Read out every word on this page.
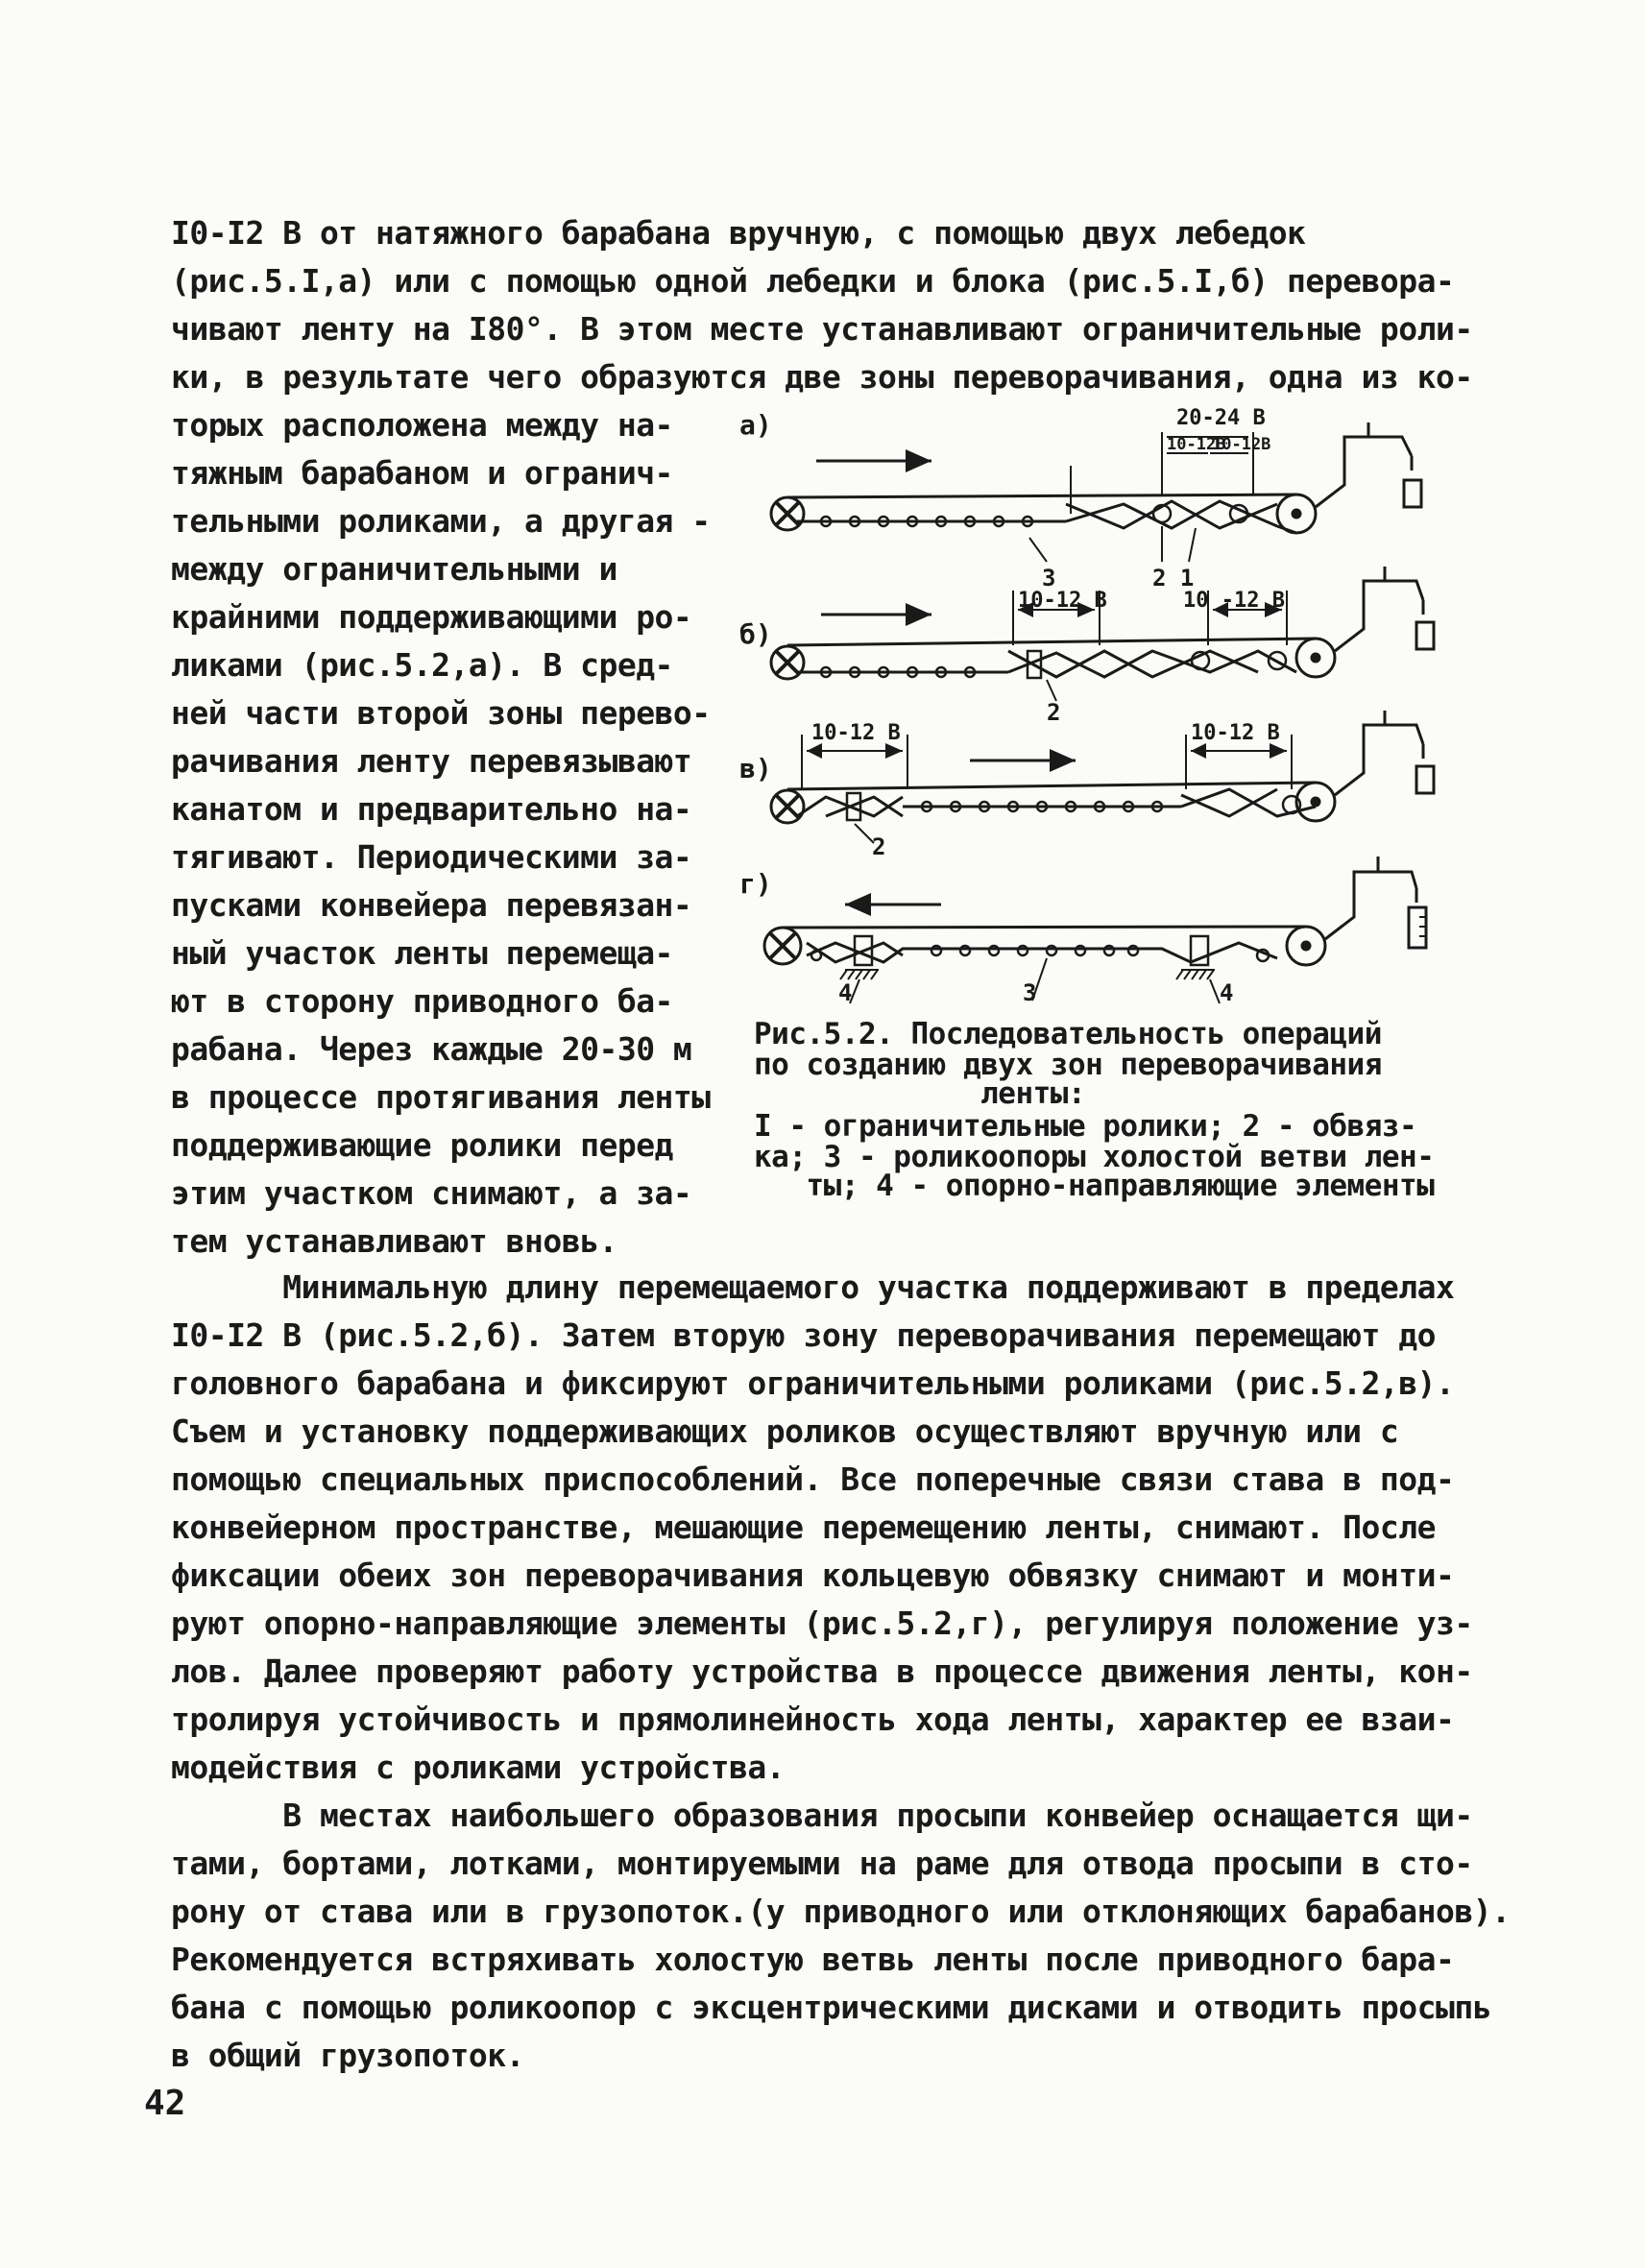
I0-I2 В от натяжного барабана вручную, с помощью двух лебедок
(рис.5.I,а) или с помощью одной лебедки и блока (рис.5.I,б) перевора-
чивают ленту на I80°. В этом месте устанавливают ограничительные роли-
ки, в результате чего образуются две зоны переворачивания, одна из ко-
торых расположена между на-
тяжным барабаном и огранич-
тельными роликами, а другая -
между ограничительными и
крайними поддерживающими ро-
ликами (рис.5.2,а). В сред-
ней части второй зоны перево-
рачивания ленту перевязывают
канатом и предварительно на-
тягивают. Периодическими за-
пусками конвейера перевязан-
ный участок ленты перемеща-
ют в сторону приводного ба-
рабана. Через каждые 20-30 м
в процессе протягивания ленты
поддерживающие ролики перед
этим участком снимают, а за-
тем устанавливают вновь.
а)	20-24 В
10-12В
10-12В
3	2 1
б)
10-12 В	10 -12 В
2
в)
10-12 В	10-12 В
2
г)
4	3	4
Рис.5.2. Последовательность операций
по созданию двух зон переворачивания
ленты:
I - ограничительные ролики; 2 - обвяз-
ка; 3 - роликоопоры холостой ветви лен-
ты; 4 - опорно-направляющие элементы
Минимальную длину перемещаемого участка поддерживают в пределах
I0-I2 В (рис.5.2,б). Затем вторую зону переворачивания перемещают до
головного барабана и фиксируют ограничительными роликами (рис.5.2,в).
Съем и установку поддерживающих роликов осуществляют вручную или с
помощью специальных приспособлений. Все поперечные связи става в под-
конвейерном пространстве, мешающие перемещению ленты, снимают. После
фиксации обеих зон переворачивания кольцевую обвязку снимают и монти-
руют опорно-направляющие элементы (рис.5.2,г), регулируя положение уз-
лов. Далее проверяют работу устройства в процессе движения ленты, кон-
тролируя устойчивость и прямолинейность хода ленты, характер ее взаи-
модействия с роликами устройства.
В местах наибольшего образования просыпи конвейер оснащается щи-
тами, бортами, лотками, монтируемыми на раме для отвода просыпи в сто-
рону от става или в грузопоток.(у приводного или отклоняющих барабанов).
Рекомендуется встряхивать холостую ветвь ленты после приводного бара-
бана с помощью роликоопор с эксцентрическими дисками и отводить просыпь
в общий грузопоток.
42
